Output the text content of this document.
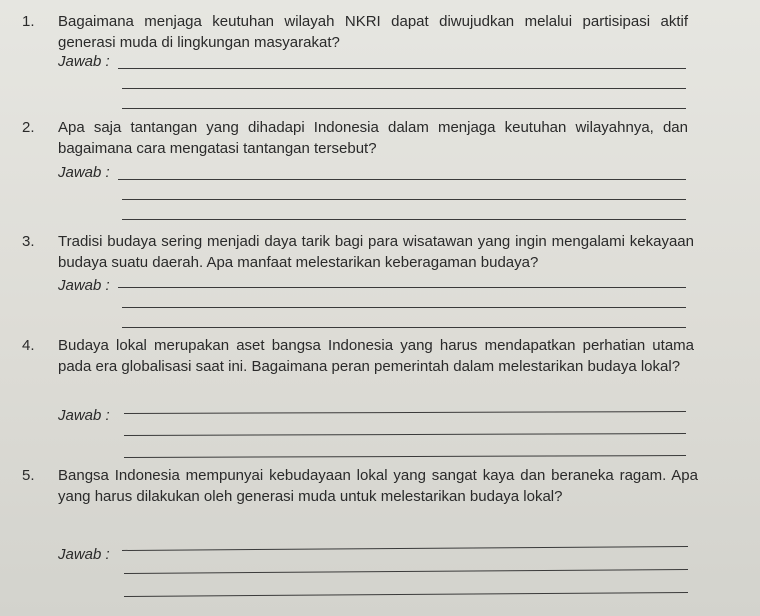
1. Bagaimana menjaga keutuhan wilayah NKRI dapat diwujudkan melalui partisipasi aktif generasi muda di lingkungan masyarakat?
Jawab :
2. Apa saja tantangan yang dihadapi Indonesia dalam menjaga keutuhan wilayahnya, dan bagaimana cara mengatasi tantangan tersebut?
Jawab :
3. Tradisi budaya sering menjadi daya tarik bagi para wisatawan yang ingin mengalami kekayaan budaya suatu daerah. Apa manfaat melestarikan keberagaman budaya?
Jawab :
4. Budaya lokal merupakan aset bangsa Indonesia yang harus mendapatkan perhatian utama pada era globalisasi saat ini. Bagaimana peran pemerintah dalam melestarikan budaya lokal?
Jawab :
5. Bangsa Indonesia mempunyai kebudayaan lokal yang sangat kaya dan beraneka ragam. Apa yang harus dilakukan oleh generasi muda untuk melestarikan budaya lokal?
Jawab :
